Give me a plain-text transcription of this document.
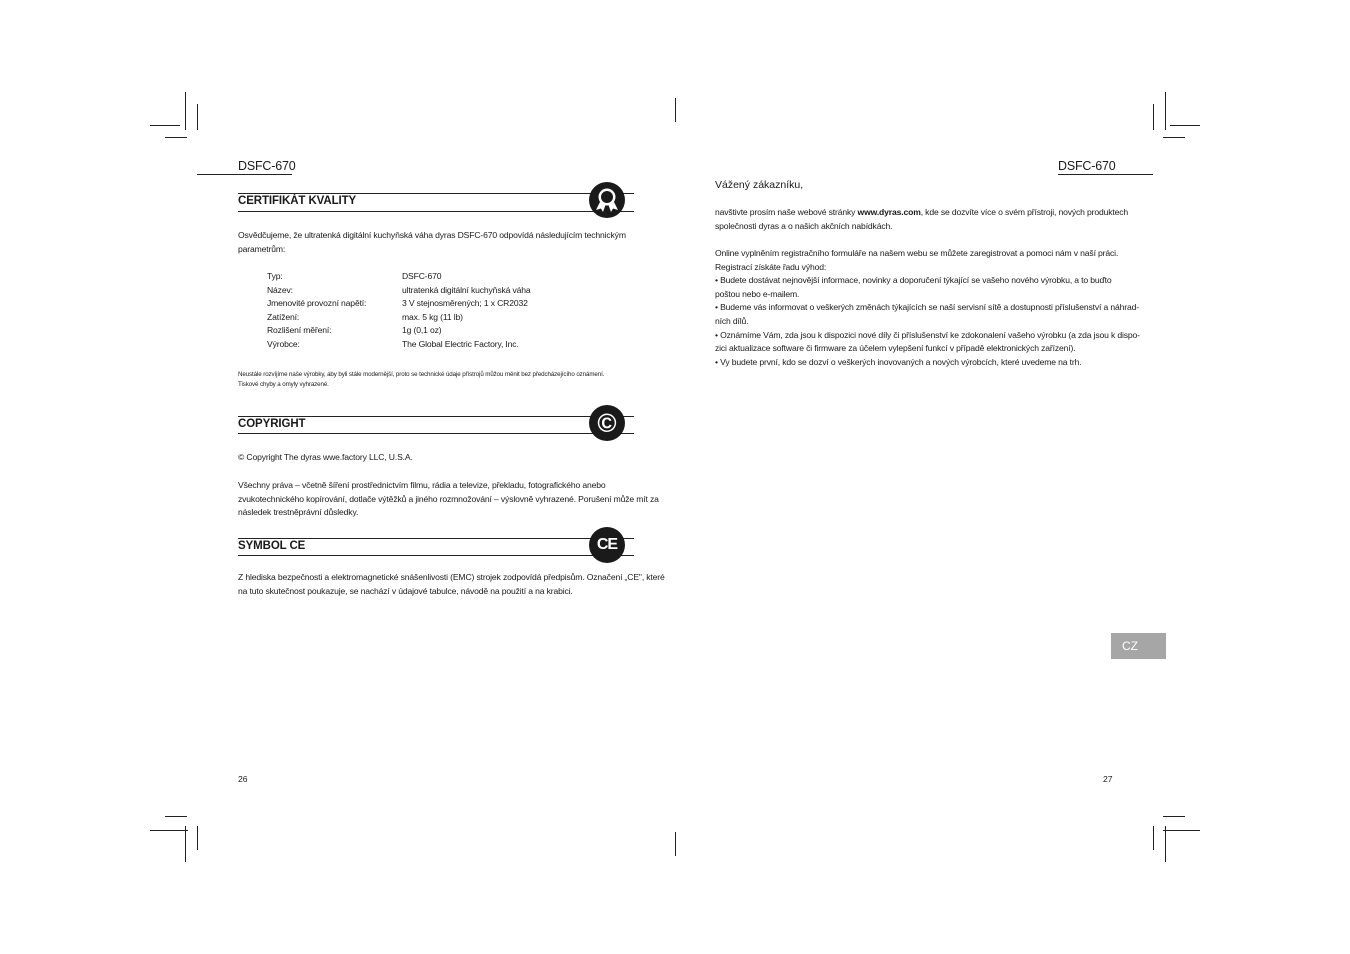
DSFC-670
CERTIFIKÁT KVALITY
Osvědčujeme, že ultratenká digitální kuchyňská váha dyras DSFC-670 odpovídá následujícím technickým
parametrům:
Typ:	DSFC-670
Název:	ultratenká digitální kuchyňská váha
Jmenovité provozní napětí:	3 V stejnosměrených; 1 x CR2032
Zatížení:	max. 5 kg (11 lb)
Rozlišení měření:	1g (0,1 oz)
Výrobce:	The Global Electric Factory, Inc.
Neustále rozvíjíme naše výrobky, aby byli stále modernější, proto se technické údaje přístrojů můžou měnit bez předcházejícího oznámení.
Tiskové chyby a omyly vyhrazené.
COPYRIGHT	©
© Copyright The dyras wwe.factory LLC, U.S.A.
Všechny práva – včetně šíření prostřednictvím filmu, rádia a televize, překladu, fotografického anebo
zvukotechnického kopírování, dotlače výtěžků a jiného rozmnožování – výslovně vyhrazené. Porušení může mít za
následek trestněprávní důsledky.
SYMBOL CE	CE
Z hlediska bezpečnosti a elektromagnetické snášenlivosti (EMC) strojek zodpovídá předpisům. Označení „CE", které
na tuto skutečnost poukazuje, se nachází v údajové tabulce, návodě na použití a na krabici.
26
DSFC-670
Vážený zákazníku,
navštivte prosím naše webové stránky www.dyras.com, kde se dozvíte více o svém přístroji, nových produktech
společnosti dyras a o našich akčních nabídkách.
Online vyplněním registračního formuláře na našem webu se můžete zaregistrovat a pomoci nám v naší práci.
Registrací získáte řadu výhod:
• Budete dostávat nejnovější informace, novinky a doporučení týkající se vašeho nového výrobku, a to buďto
poštou nebo e-mailem.
• Budeme vás informovat o veškerých změnách týkajících se naší servisní sítě a dostupnosti příslušenství a náhrad-
ních dílů.
• Oznámíme Vám, zda jsou k dispozici nové díly či příslušenství ke zdokonalení vašeho výrobku (a zda jsou k dispo-
zici aktualizace software či firmware za účelem vylepšení funkcí v případě elektronických zařízení).
• Vy budete první, kdo se dozví o veškerých inovovaných a nových výrobcích, které uvedeme na trh.
CZ
27
